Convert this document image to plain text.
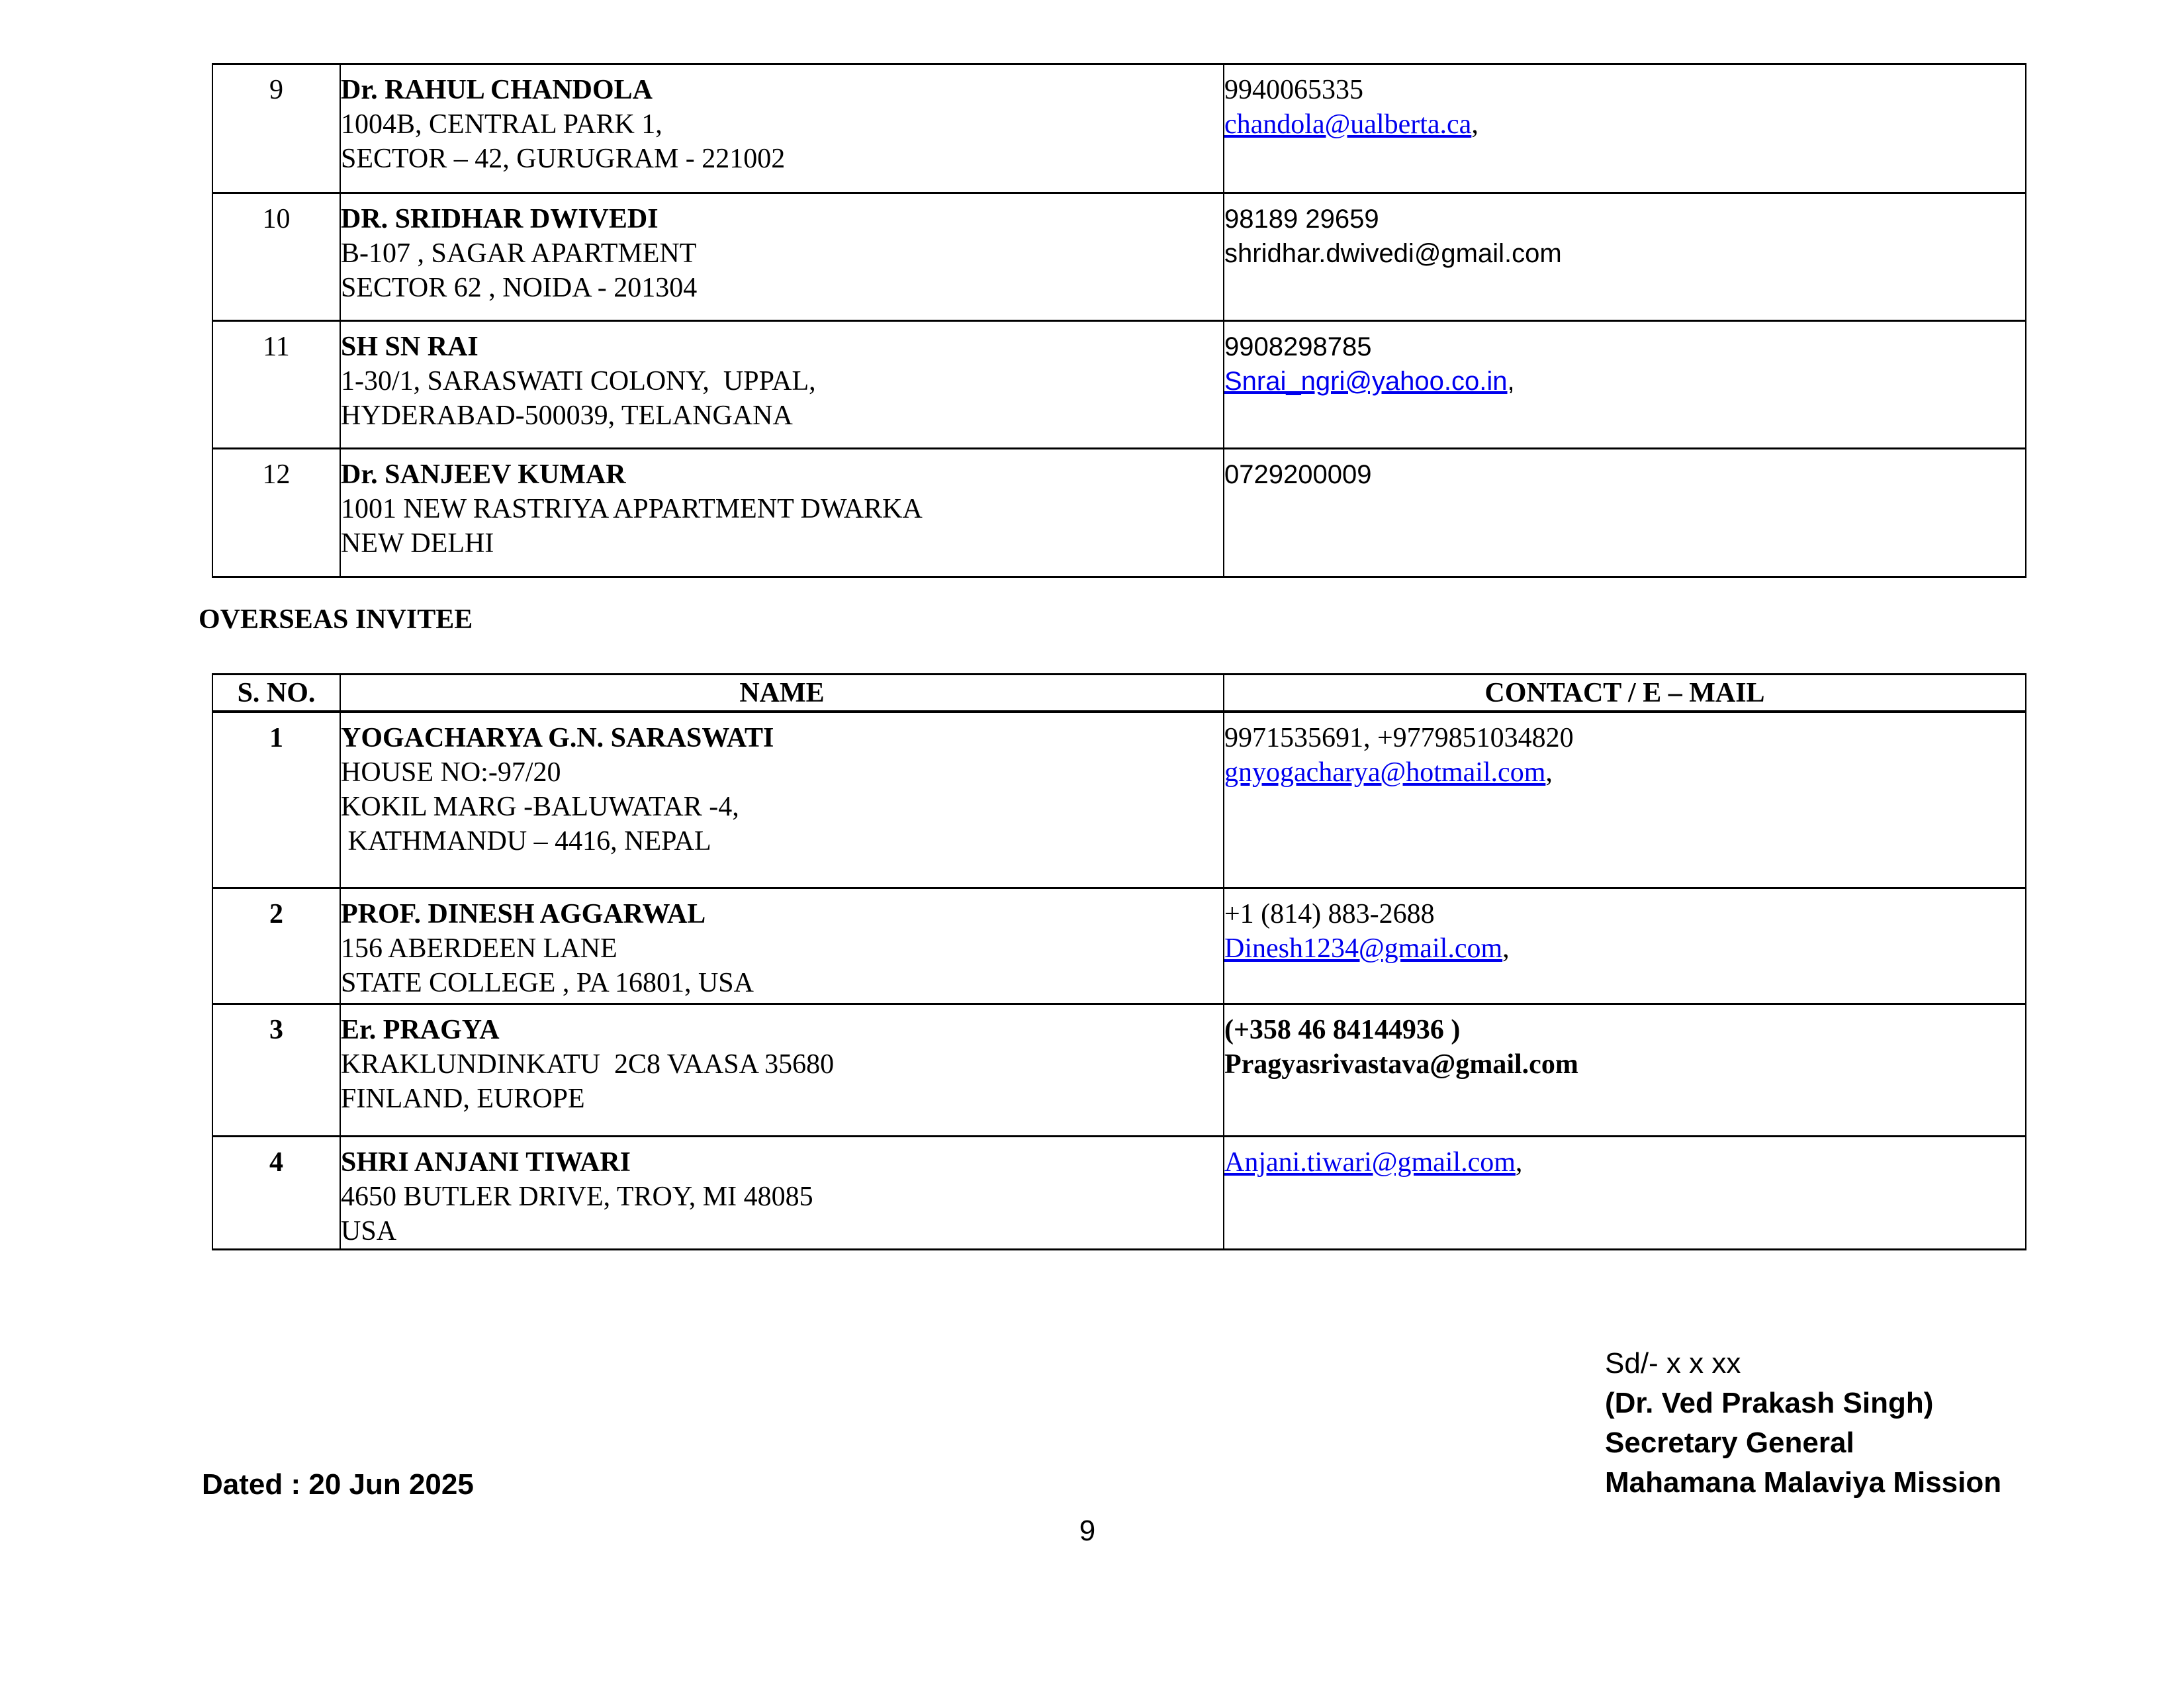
9	Dr. RAHUL CHANDOLA
1004B, CENTRAL PARK 1,
SECTOR – 42, GURUGRAM - 221002

9940065335
chandola@ualberta.ca,

10	DR. SRIDHAR DWIVEDI
B-107 , SAGAR APARTMENT
SECTOR 62 , NOIDA - 201304

98189 29659
shridhar.dwivedi@gmail.com

11	SH SN RAI
1-30/1, SARASWATI COLONY,  UPPAL,
HYDERABAD-500039, TELANGANA

9908298785
Snrai_ngri@yahoo.co.in,

12	Dr. SANJEEV KUMAR
1001 NEW RASTRIYA APPARTMENT DWARKA
NEW DELHI	0729200009
OVERSEAS INVITEE
S. NO.	NAME	CONTACT / E – MAIL
1	YOGACHARYA G.N. SARASWATI
HOUSE NO:-97/20
KOKIL MARG -BALUWATAR -4,
KATHMANDU – 4416, NEPAL

9971535691, +9779851034820
gnyogacharya@hotmail.com,

2	PROF. DINESH AGGARWAL
156 ABERDEEN LANE
STATE COLLEGE , PA 16801, USA

+1 (814) 883-2688
Dinesh1234@gmail.com,

3	Er. PRAGYA
KRAKLUNDINKATU  2C8 VAASA 35680
FINLAND, EUROPE

(+358 46 84144936 )
Pragyasrivastava@gmail.com

4	SHRI ANJANI TIWARI
4650 BUTLER DRIVE, TROY, MI 48085
USA	Anjani.tiwari@gmail.com,
Sd/- x x xx
(Dr. Ved Prakash Singh)
Secretary General
Mahamana Malaviya Mission
Dated : 20 Jun 2025
9
